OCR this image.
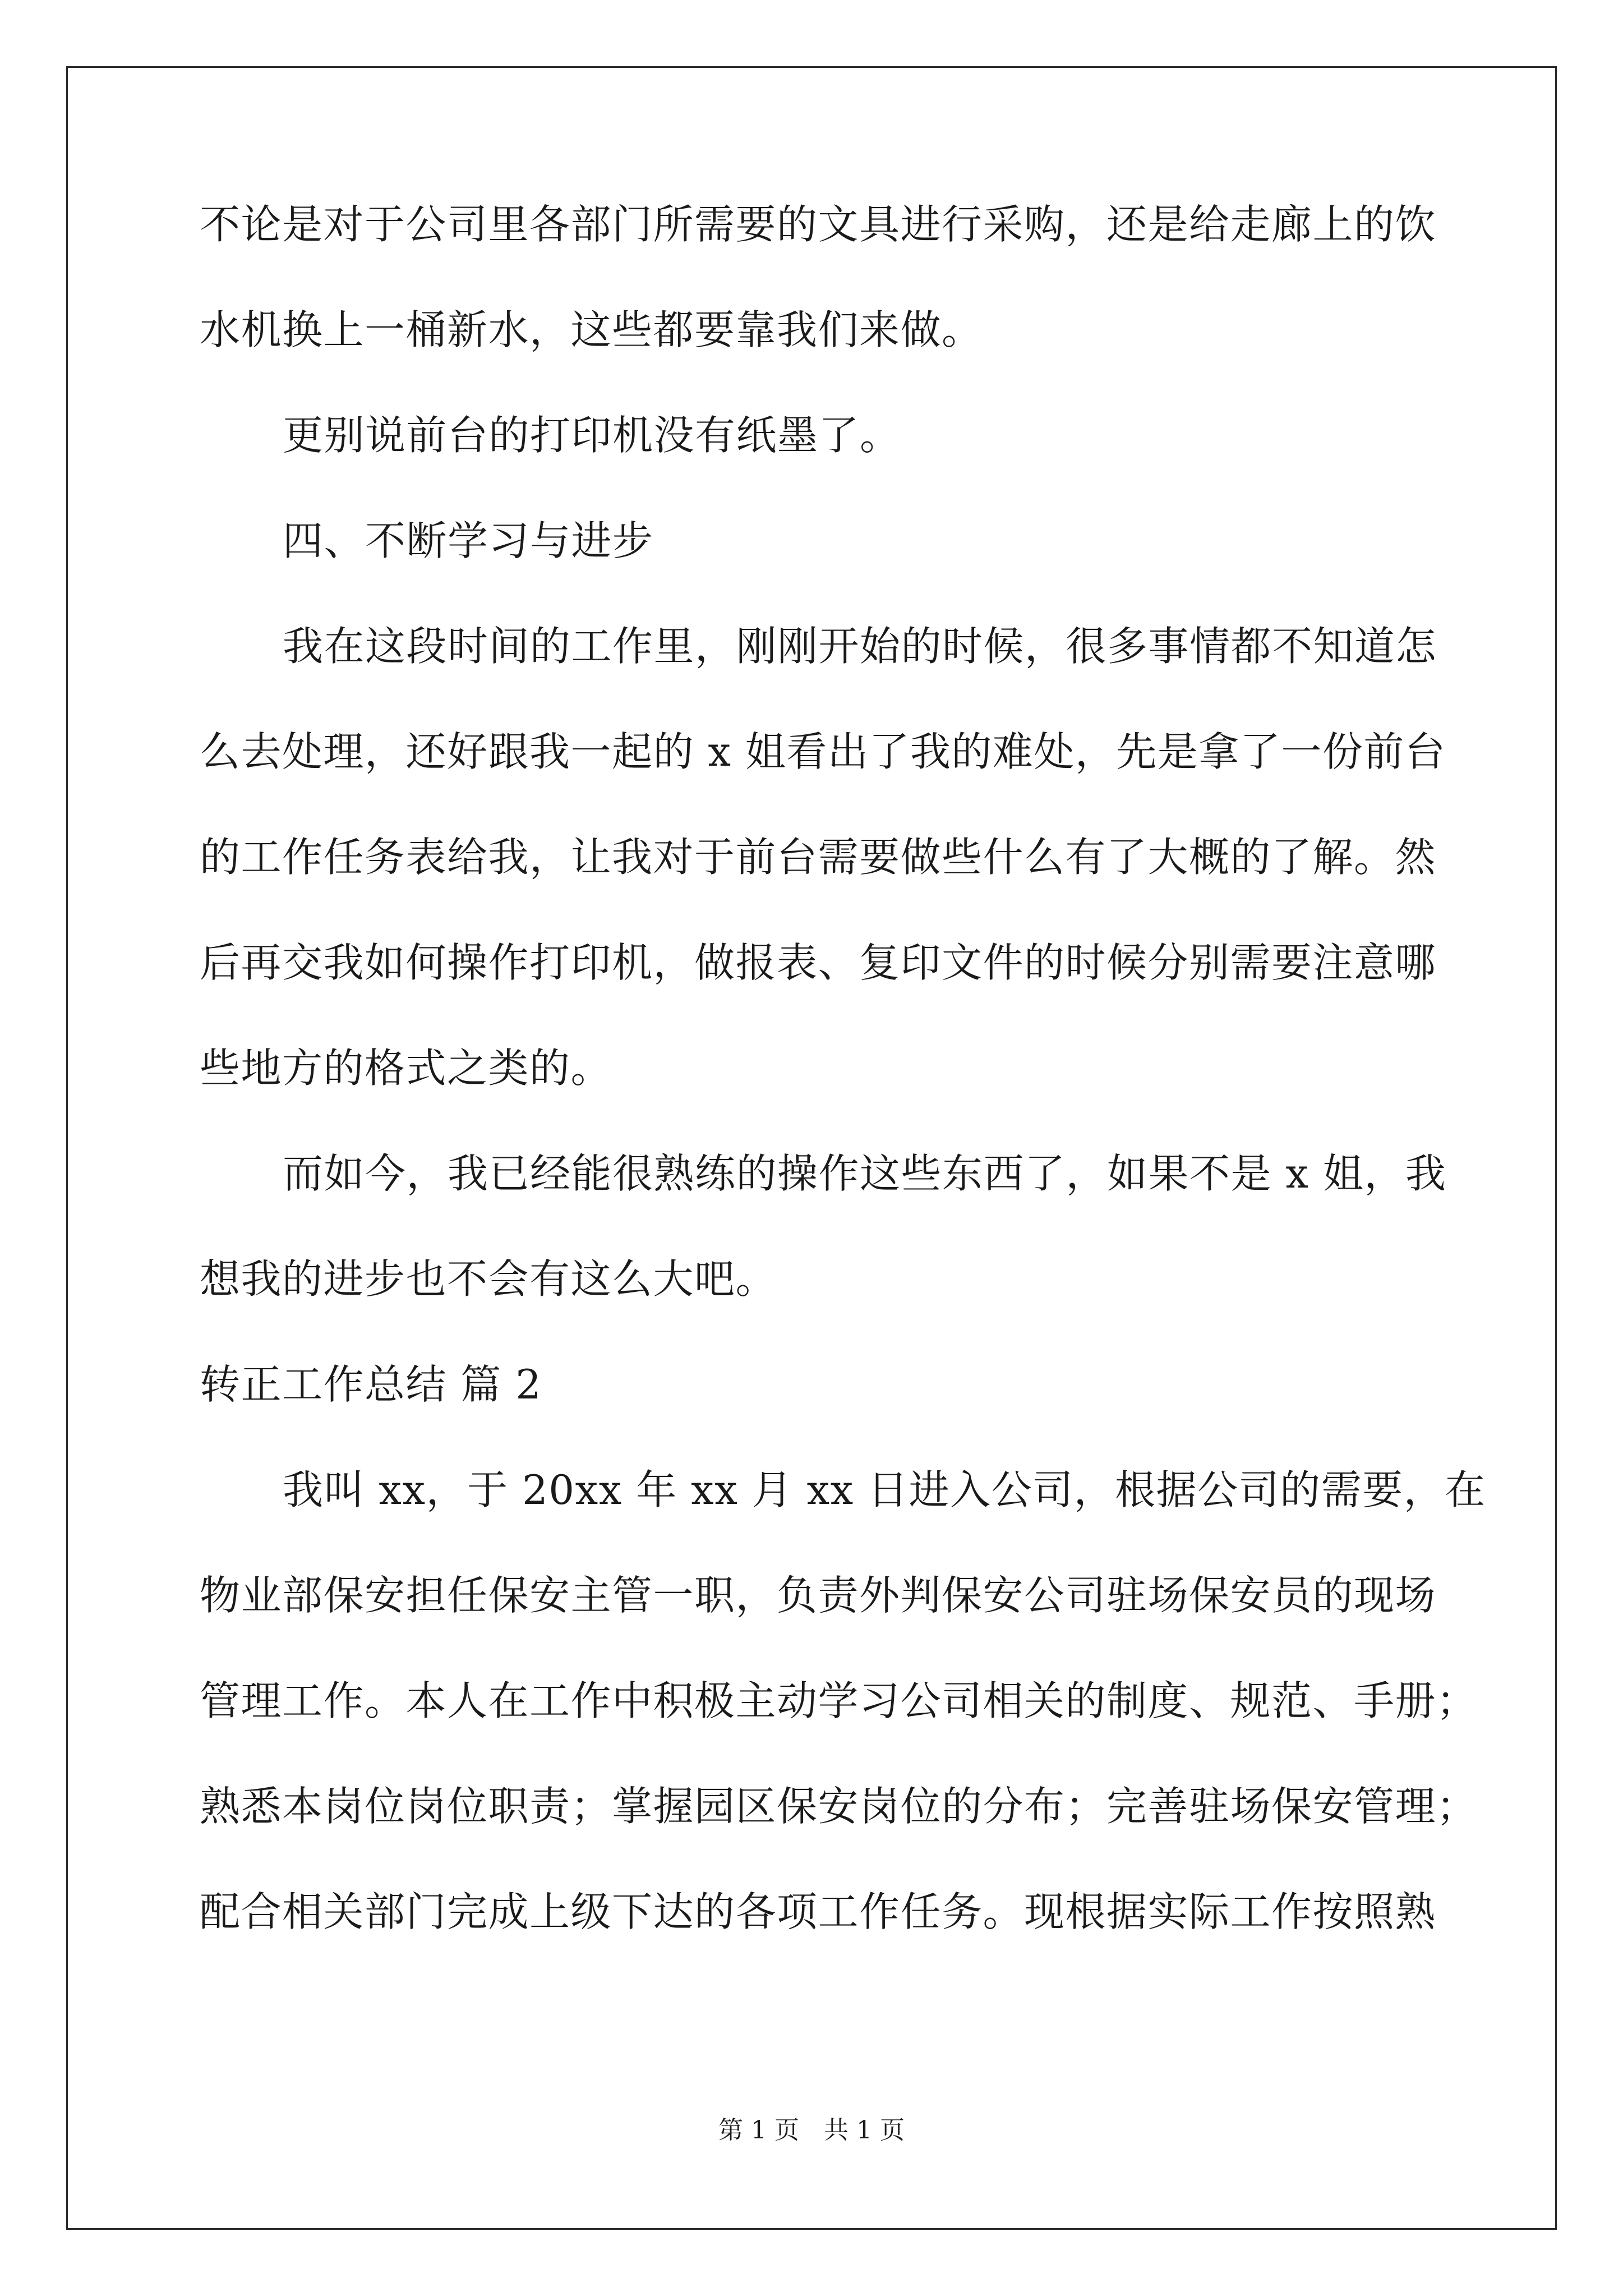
不论是对于公司里各部门所需要的文具进行采购，还是给走廊上的饮
水机换上一桶新水，这些都要靠我们来做。
更别说前台的打印机没有纸墨了。
四、不断学习与进步
我在这段时间的工作里，刚刚开始的时候，很多事情都不知道怎
么去处理，还好跟我一起的 x 姐看出了我的难处，先是拿了一份前台
的工作任务表给我，让我对于前台需要做些什么有了大概的了解。然
后再交我如何操作打印机，做报表、复印文件的时候分别需要注意哪
些地方的格式之类的。
而如今，我已经能很熟练的操作这些东西了，如果不是 x 姐，我
想我的进步也不会有这么大吧。
转正工作总结 篇 2
我叫 xx，于 20xx 年 xx 月 xx 日进入公司，根据公司的需要，在
物业部保安担任保安主管一职，负责外判保安公司驻场保安员的现场
管理工作。本人在工作中积极主动学习公司相关的制度、规范、手册；
熟悉本岗位岗位职责；掌握园区保安岗位的分布；完善驻场保安管理；
配合相关部门完成上级下达的各项工作任务。现根据实际工作按照熟
第 1 页　共 1 页
